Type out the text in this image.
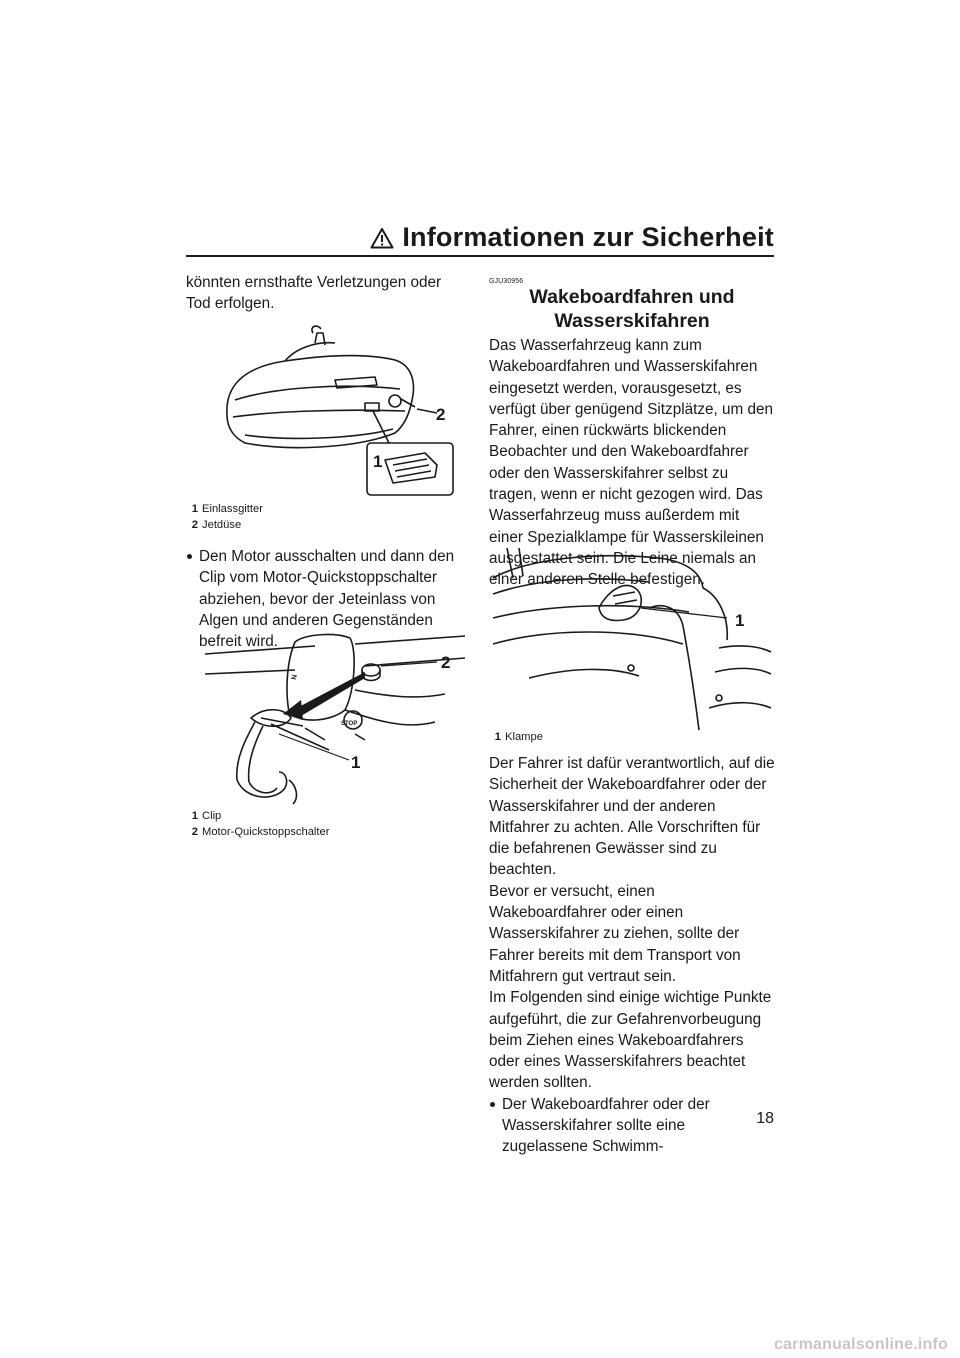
Informationen zur Sicherheit

könnten ernsthafte Verletzungen oder Tod erfolgen.

2
1
1 Einlassgitter
2 Jetdüse

Den Motor ausschalten und dann den Clip vom Motor-Quickstoppschalter abziehen, bevor der Jeteinlass von Algen und anderen Gegenständen befreit wird.

N
STOP
2
1
1 Clip
2 Motor-Quickstoppschalter
GJU30956
Wakeboardfahren und
Wasserskifahren

Das Wasserfahrzeug kann zum Wakeboardfahren und Wasserskifahren eingesetzt werden, vorausgesetzt, es verfügt über genügend Sitzplätze, um den Fahrer, einen rückwärts blickenden Beobachter und den Wakeboardfahrer oder den Wasserskifahrer selbst zu tragen, wenn er nicht gezogen wird. Das Wasserfahrzeug muss außerdem mit einer Spezialklampe für Wasserskileinen ausgestattet sein. Die Leine niemals an einer anderen Stelle befestigen.

1
1 Klampe

Der Fahrer ist dafür verantwortlich, auf die Sicherheit der Wakeboardfahrer oder der Wasserskifahrer und der anderen Mitfahrer zu achten. Alle Vorschriften für die befahrenen Gewässer sind zu beachten.

Bevor er versucht, einen Wakeboardfahrer oder einen Wasserskifahrer zu ziehen, sollte der Fahrer bereits mit dem Transport von Mitfahrern gut vertraut sein.

Im Folgenden sind einige wichtige Punkte aufgeführt, die zur Gefahrenvorbeugung beim Ziehen eines Wakeboardfahrers oder eines Wasserskifahrers beachtet werden sollten.

Der Wakeboardfahrer oder der Wasserskifahrer sollte eine zugelassene Schwimm-

18
carmanualsonline.info
